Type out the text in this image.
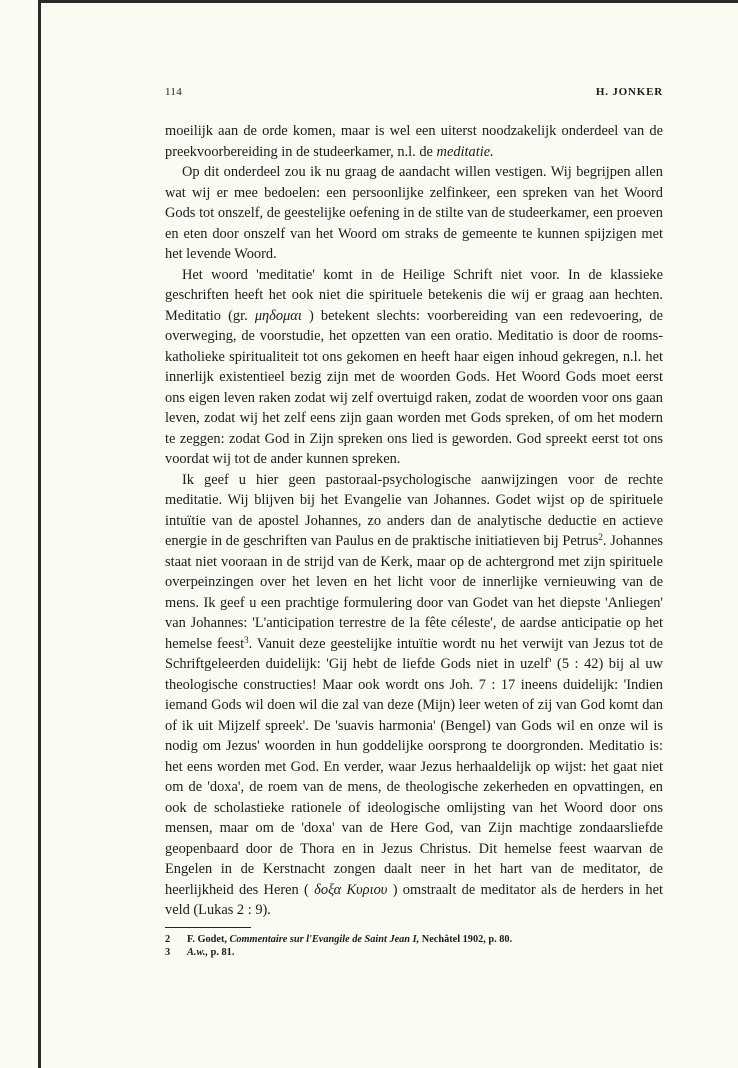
114	H. JONKER

moeilijk aan de orde komen, maar is wel een uiterst noodzakelijk onderdeel van de preekvoorbereiding in de studeerkamer, n.l. de meditatie.

Op dit onderdeel zou ik nu graag de aandacht willen vestigen. Wij begrijpen allen wat wij er mee bedoelen: een persoonlijke zelfinkeer, een spreken van het Woord Gods tot onszelf, de geestelijke oefening in de stilte van de studeerkamer, een proeven en eten door onszelf van het Woord om straks de gemeente te kunnen spijzigen met het levende Woord.

Het woord 'meditatie' komt in de Heilige Schrift niet voor. In de klassieke geschriften heeft het ook niet die spirituele betekenis die wij er graag aan hechten. Meditatio (gr. μηδομαι ) betekent slechts: voorbereiding van een redevoering, de overweging, de voorstudie, het opzetten van een oratio. Meditatio is door de rooms-katholieke spiritualiteit tot ons gekomen en heeft haar eigen inhoud gekregen, n.l. het innerlijk existentieel bezig zijn met de woorden Gods. Het Woord Gods moet eerst ons eigen leven raken zodat wij zelf overtuigd raken, zodat de woorden voor ons gaan leven, zodat wij het zelf eens zijn gaan worden met Gods spreken, of om het modern te zeggen: zodat God in Zijn spreken ons lied is geworden. God spreekt eerst tot ons voordat wij tot de ander kunnen spreken.

Ik geef u hier geen pastoraal-psychologische aanwijzingen voor de rechte meditatie. Wij blijven bij het Evangelie van Johannes. Godet wijst op de spirituele intuïtie van de apostel Johannes, zo anders dan de analytische deductie en actieve energie in de geschriften van Paulus en de praktische initiatieven bij Petrus$^2$. Johannes staat niet vooraan in de strijd van de Kerk, maar op de achtergrond met zijn spirituele overpeinzingen over het leven en het licht voor de innerlijke vernieuwing van de mens. Ik geef u een prachtige formulering door van Godet van het diepste 'Anliegen' van Johannes: 'L'anticipation terrestre de la fête céleste', de aardse anticipatie op het hemelse feest$^3$. Vanuit deze geestelijke intuïtie wordt nu het verwijt van Jezus tot de Schriftgeleerden duidelijk: 'Gij hebt de liefde Gods niet in uzelf' (5 : 42) bij al uw theologische constructies! Maar ook wordt ons Joh. 7 : 17 ineens duidelijk: 'Indien iemand Gods wil doen wil die zal van deze (Mijn) leer weten of zij van God komt dan of ik uit Mijzelf spreek'. De 'suavis harmonia' (Bengel) van Gods wil en onze wil is nodig om Jezus' woorden in hun goddelijke oorsprong te doorgronden. Meditatio is: het eens worden met God. En verder, waar Jezus herhaaldelijk op wijst: het gaat niet om de 'doxa', de roem van de mens, de theologische zekerheden en opvattingen, en ook de scholastieke rationele of ideologische omlijsting van het Woord door ons mensen, maar om de 'doxa' van de Here God, van Zijn machtige zondaarsliefde geopenbaard door de Thora en in Jezus Christus. Dit hemelse feest waarvan de Engelen in de Kerstnacht zongen daalt neer in het hart van de meditator, de heerlijkheid des Heren ( δοξα Κυριου ) omstraalt de meditator als de herders in het veld (Lukas 2 : 9).

2	F. Godet, Commentaire sur l'Evangile de Saint Jean I, Nechâtel 1902, p. 80.
3	A.w., p. 81.
